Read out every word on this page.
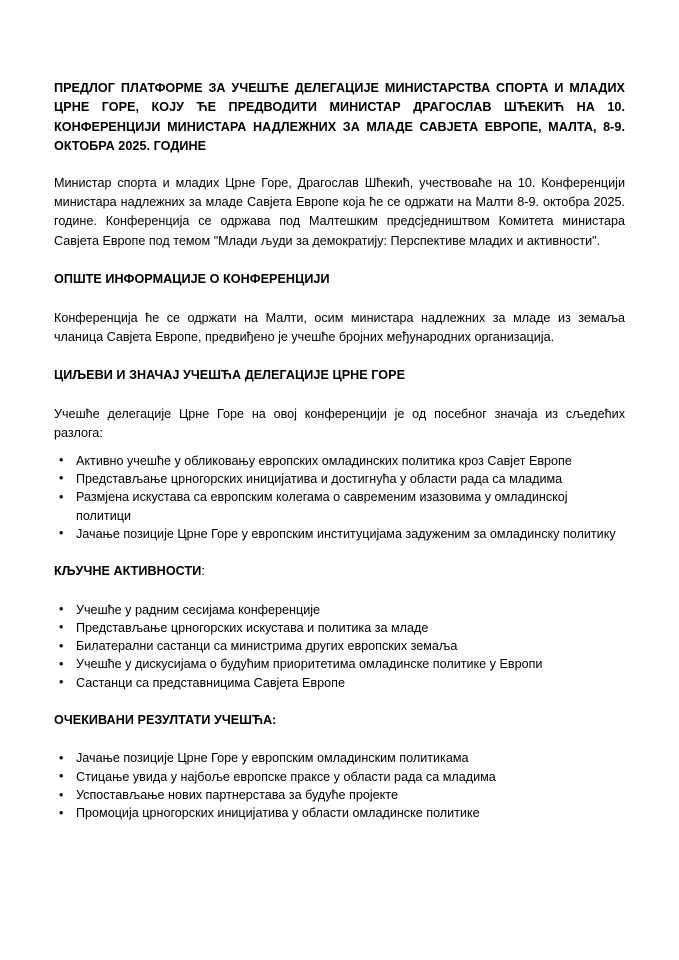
ПРЕДЛОГ ПЛАТФОРМЕ ЗА УЧЕШЋЕ ДЕЛЕГАЦИЈЕ МИНИСТАРСТВА СПОРТА И МЛАДИХ ЦРНЕ ГОРЕ, КОЈУ ЋЕ ПРЕДВОДИТИ МИНИСТАР ДРАГОСЛАВ ШЋЕКИЋ НА 10. КОНФЕРЕНЦИЈИ МИНИСТАРА НАДЛЕЖНИХ ЗА МЛАДЕ САВЈЕТА ЕВРОПЕ, МАЛТА, 8-9. ОКТОБРА 2025. ГОДИНЕ

Министар спорта и младих Црне Горе, Драгослав Шћекић, учествоваће на 10. Конференцији министара надлежних за младе Савјета Европе која ће се одржати на Малти 8-9. октобра 2025. године. Конференција се одржава под Малтешким предсједништвом Комитета министара Савјета Европе под темом "Млади људи за демократију: Перспективе младих и активности".

ОПШТЕ ИНФОРМАЦИЈЕ О КОНФЕРЕНЦИЈИ

Конференција ће се одржати на Малти, осим министара надлежних за младе из земаља чланица Савјета Европе, предвиђено је учешће бројних међународних организација.

ЦИЉЕВИ И ЗНАЧАЈ УЧЕШЋА ДЕЛЕГАЦИЈЕ ЦРНЕ ГОРЕ

Учешће делегације Црне Горе на овој конференцији је од посебног значаја из сљедећих разлога:

• Активно учешће у обликовању европских омладинских политика кроз Савјет Европе
• Представљање црногорских иницијатива и достигнућа у области рада са младима
• Размјена искустава са европским колегама о савременим изазовима у омладинској политици
• Јачање позиције Црне Горе у европским институцијама задуженим за омладинску политику
КЉУЧНЕ АКТИВНОСТИ:
• Учешће у радним сесијама конференције
• Представљање црногорских искустава и политика за младе
• Билатерални састанци са министрима других европских земаља
• Учешће у дискусијама о будућим приоритетима омладинске политике у Европи
• Састанци са представницима Савјета Европе
ОЧЕКИВАНИ РЕЗУЛТАТИ УЧЕШЋА:
• Јачање позиције Црне Горе у европским омладинским политикама
• Стицање увида у најбоље европске праксе у области рада са младима
• Успостављање нових партнерстава за будуће пројекте
• Промоција црногорских иницијатива у области омладинске политике
